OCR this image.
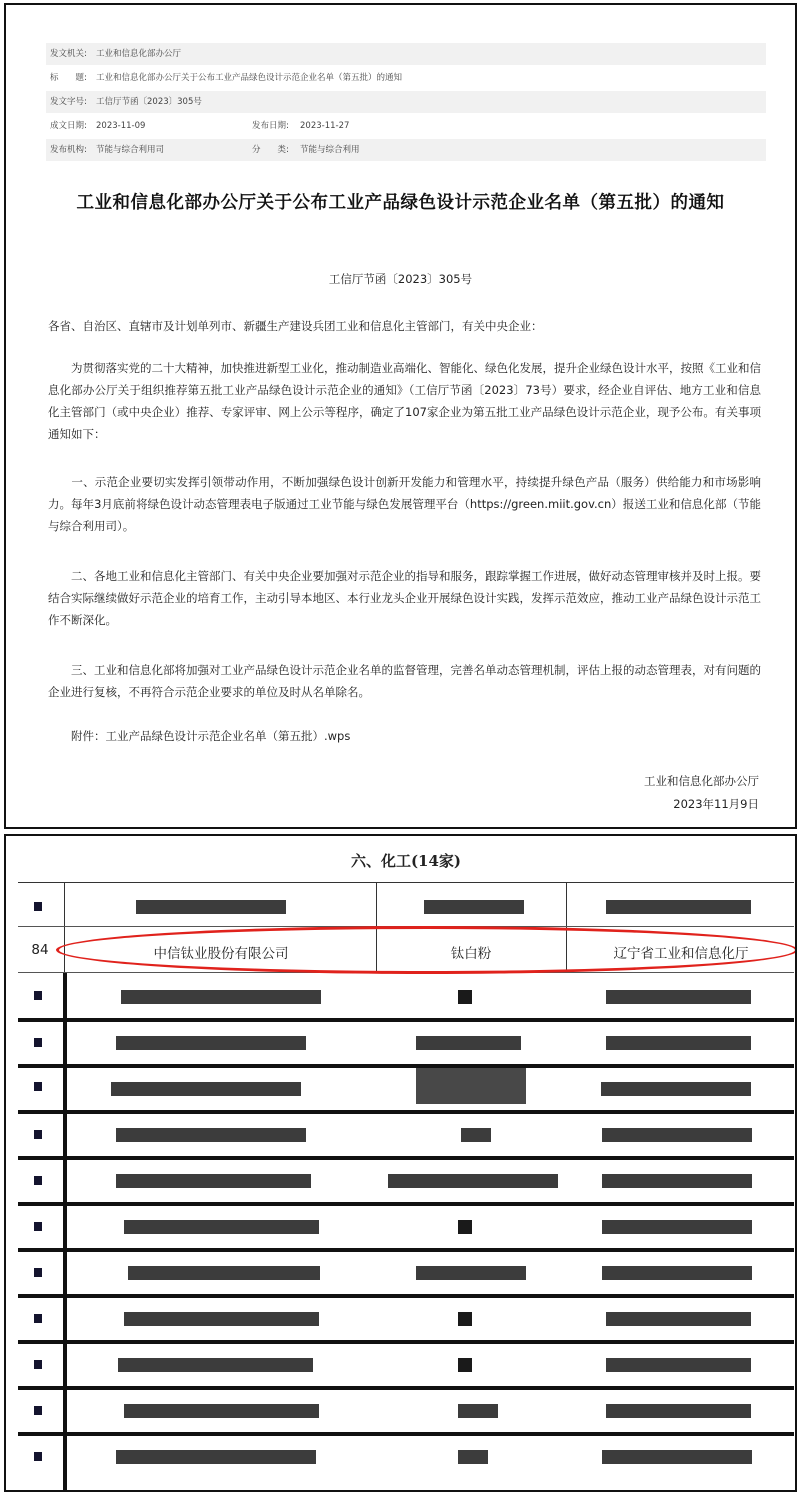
发文机关: 工业和信息化部办公厅
标　　题: 工业和信息化部办公厅关于公布工业产品绿色设计示范企业名单（第五批）的通知
发文字号: 工信厅节函〔2023〕305号
成文日期: 2023-11-09	发布日期: 2023-11-27
发布机构: 节能与综合利用司	分　　类: 节能与综合利用
工业和信息化部办公厅关于公布工业产品绿色设计示范企业名单（第五批）的通知
工信厅节函〔2023〕305号
各省、自治区、直辖市及计划单列市、新疆生产建设兵团工业和信息化主管部门，有关中央企业：
　　为贯彻落实党的二十大精神，加快推进新型工业化，推动制造业高端化、智能化、绿色化发展，提升企业绿色设计水平，按照《工业和信息化部办公厅关于组织推荐第五批工业产品绿色设计示范企业的通知》（工信厅节函〔2023〕73号）要求，经企业自评估、地方工业和信息化主管部门（或中央企业）推荐、专家评审、网上公示等程序，确定了107家企业为第五批工业产品绿色设计示范企业，现予公布。有关事项通知如下：
　　一、示范企业要切实发挥引领带动作用，不断加强绿色设计创新开发能力和管理水平，持续提升绿色产品（服务）供给能力和市场影响力。每年3月底前将绿色设计动态管理表电子版通过工业节能与绿色发展管理平台（https://green.miit.gov.cn）报送工业和信息化部（节能与综合利用司）。
　　二、各地工业和信息化主管部门、有关中央企业要加强对示范企业的指导和服务，跟踪掌握工作进展，做好动态管理审核并及时上报。要结合实际继续做好示范企业的培育工作，主动引导本地区、本行业龙头企业开展绿色设计实践，发挥示范效应，推动工业产品绿色设计示范工作不断深化。
　　三、工业和信息化部将加强对工业产品绿色设计示范企业名单的监督管理，完善名单动态管理机制，评估上报的动态管理表，对有问题的企业进行复核，不再符合示范企业要求的单位及时从名单除名。
　　附件：工业产品绿色设计示范企业名单（第五批）.wps
工业和信息化部办公厅
2023年11月9日
六、化工(14家)
84	中信钛业股份有限公司	钛白粉	辽宁省工业和信息化厅
